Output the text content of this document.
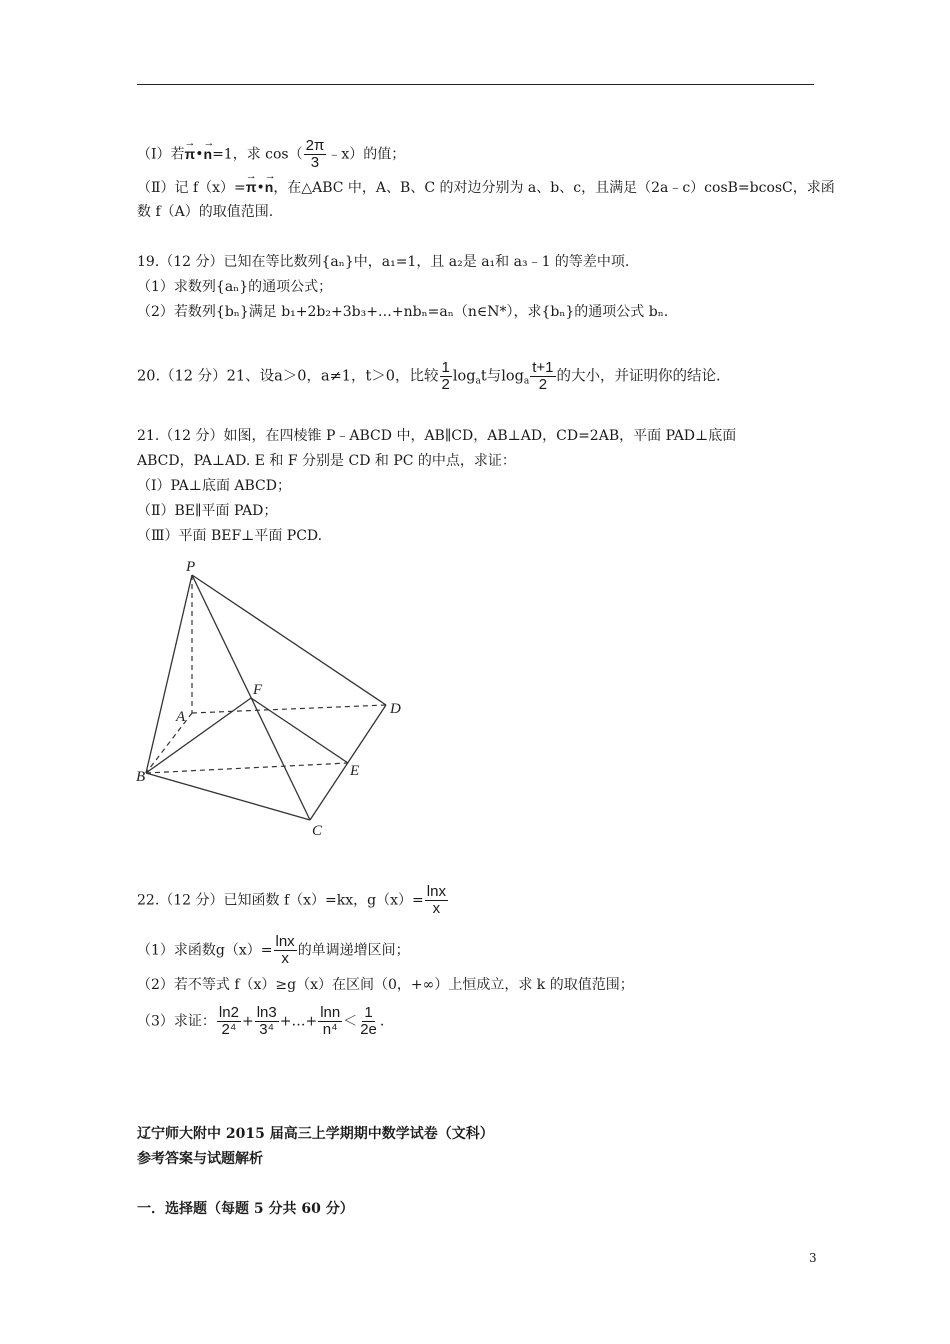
（Ⅰ）若
→
π•
→
n=1，求 $\cos( \frac{2\pi}{3}$ ﹣x）的值；
（Ⅱ）记 f（x）=
→
π•
→
n，在△ABC 中，A、B、C 的对边分别为 a、b、c，且满足（2a﹣c）cosB=bcosC，求函
数 f（A）的取值范围.
19.（12 分）已知在等比数列{aₙ}中，a₁=1，且 a₂是 a₁和 a₃﹣1 的等差中项.
（1）求数列{aₙ}的通项公式；
（2）若数列{bₙ}满足 b₁+2b₂+3b₃+…+nbₙ=aₙ（n∈N*），求{bₙ}的通项公式 bₙ.
20.（12 分）21、设a＞0，a≠1，t＞0，比较 $\frac{1}{2} \log_at$与$\log_a \frac{t+1}{2}$ 的大小，并证明你的结论.
21.（12 分）如图，在四棱锥 P﹣ABCD 中，AB∥CD，AB⊥AD，CD=2AB，平面 PAD⊥底面
ABCD，PA⊥AD. E 和 F 分别是 CD 和 PC 的中点，求证：
（Ⅰ）PA⊥底面 ABCD；
（Ⅱ）BE∥平面 PAD；
（Ⅲ）平面 BEF⊥平面 PCD.
P
A
B
C
D
E
F
22.（12 分）已知函数 f（x）=kx，$g(x)= \frac{\ln x}{x}$
（1）求函数$g(x)= \frac{\ln x}{x}$ 的单调递增区间；
（2）若不等式 f（x）≥g（x）在区间（0，+∞）上恒成立，求 k 的取值范围；
（3）求证： $\frac{\ln 2}{\text{2⁴}} + \frac{\ln 3}{\text{3⁴}}$ +…+ $\frac{\ln n}{\text{n⁴}} < \frac{1}{2e}$ .
辽宁师大附中 2015 届高三上学期期中数学试卷（文科）
参考答案与试题解析
一．选择题（每题 5 分共 60 分）
3
